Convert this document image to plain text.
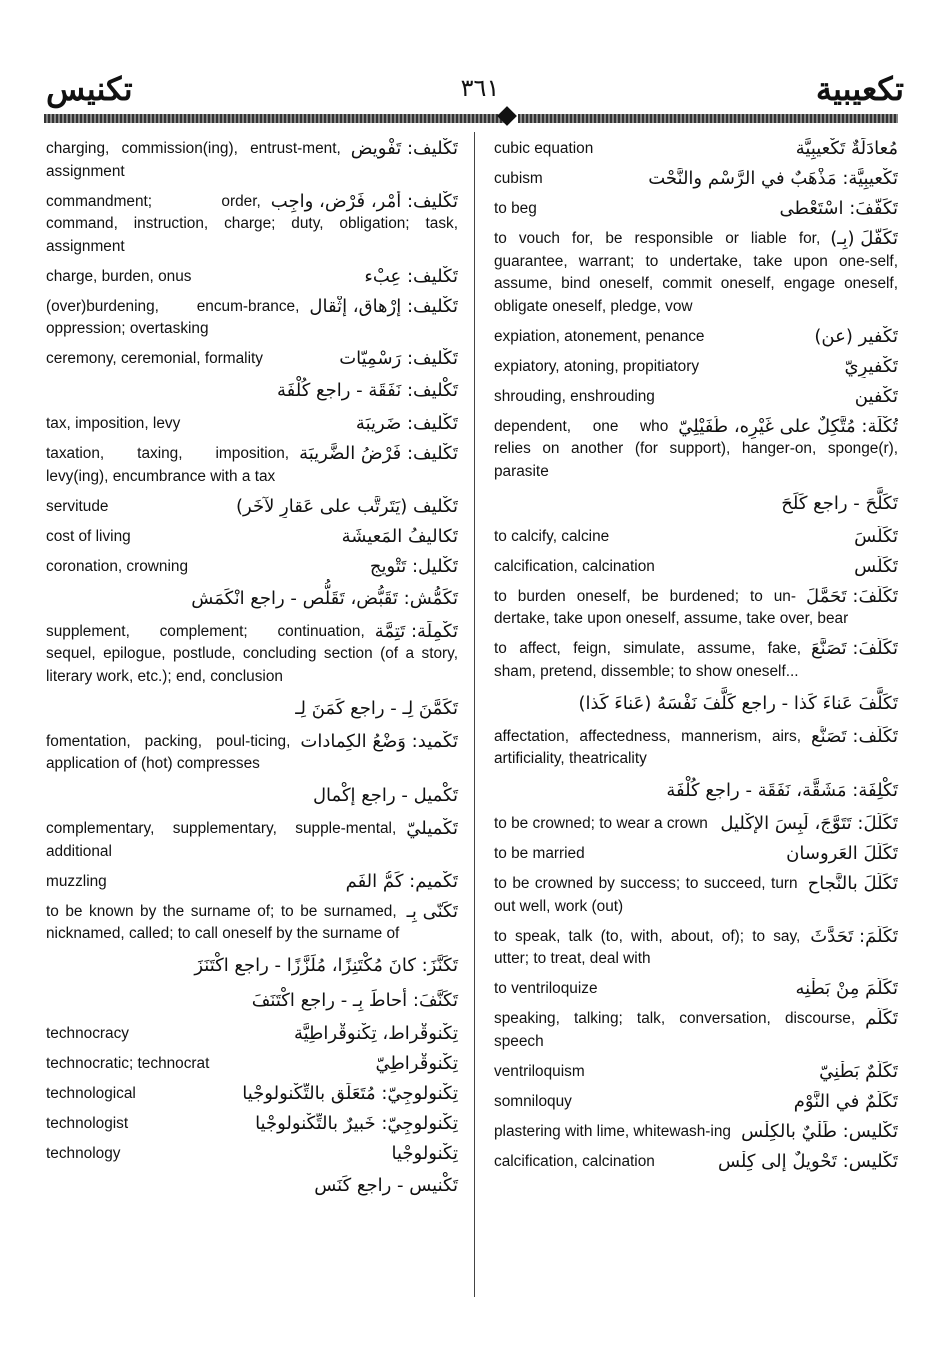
تكنيس	٣٦١	تكعيبية
تَكْليف: تَفْويض
charging, commission(ing), entrust-ment, assignment
تَكْليف: أَمْر، فَرْض، واجِب
commandment; order, command, instruction, charge; duty, obligation; task, assignment
تَكْليف: عِبْء
charge, burden, onus
تَكْليف: إرْهاق، إثْقال
(over)burdening, encum-brance, oppression; overtasking
تَكْليف: رَسْمِيّات
ceremony, ceremonial, formality
تَكْليف: نَفَقَة - راجع كُلْفَة
تَكْليف: ضَريبَة
tax, imposition, levy
تَكْليف: فَرْضُ الضَّريبَة
taxation, taxing, imposition, levy(ing), encumbrance with a tax
تَكْليف (يَتَرتَّب على عَقارٍ لآخَر)
servitude
تَكاليفُ المَعيشَة
cost of living
تَكْليل: تَتْويج
coronation, crowning
تَكَمُّش: تَقَبُّض، تَقَلُّص - راجع انْكَمَش
تَكْمِلَة: تَتِمَّة
supplement, complement; continuation, sequel, epilogue, postlude, concluding section (of a story, literary work, etc.); end, conclusion
تَكَمَّنَ لِـ - راجع كَمَنَ لِـ
تَكْميد: وَضْعُ الكِمادات
fomentation, packing, poul-ticing, application of (hot) compresses
تَكْميل - راجع إكْمال
تَكْميليّ
complementary, supplementary, supple-mental, additional
تَكْميم: كَمُّ الفَم
muzzling
تَكَنّى بِـ
to be known by the surname of; to be surnamed, nicknamed, called; to call oneself by the surname of
تَكَنَّزَ: كانَ مُكْتَنِزًا، مُلَزَّزًا - راجع اكْتَنَزَ
تَكَنَّفَ: أحاطَ بِـ - راجع اكْتَنَفَ
تِكْنوقْراط، تِكْنوقْراطِيَّة
technocracy
تِكْنوقْراطِيّ
technocratic; technocrat
تِكْنولوجِيّ: مُتَعَلِّق بالتِّكْنولوجْيا
technological
تِكْنولوجِيّ: خَبيرٌ بالتِّكْنولوجْيا
technologist
تِكْنولوجْيا
technology
تَكْنيس - راجع كَنَس
مُعادَلَةٌ تَكْعيبِيَّة
cubic equation
تَكْعيبِيَّة: مَذْهَبٌ في الرَّسْم والنَّحْت
cubism
تَكَفَّفَ: اسْتَعْطى
to beg
تَكَفَّلَ (بِـ)
to vouch for, be responsible or liable for, guarantee, warrant; to undertake, take upon one-self, assume, bind oneself, commit oneself, engage oneself, obligate oneself, pledge, vow
تَكْفير (عن)
expiation, atonement, penance
تَكْفيرِيّ
expiatory, atoning, propitiatory
تَكْفين
shrouding, enshrouding
تُكْلَة: مُتَّكِلٌ على غَيْرِه، طُفَيْلِيّ
dependent, one who relies on another (for support), hanger-on, sponge(r), parasite
تَكَلَّحَ - راجع كَلَحَ
تَكَلَّسَ
to calcify, calcine
تَكَلُّس
calcification, calcination
تَكَلَّفَ: تَحَمَّلَ
to burden oneself, be burdened; to un-dertake, take upon oneself, assume, take over, bear
تَكَلَّفَ: تَصَنَّعَ
to affect, feign, simulate, assume, fake, sham, pretend, dissemble; to show oneself...
تَكَلَّفَ عَناءَ كَذا - راجع كَلَّفَ نَفْسَهُ (عَناءَ كَذا)
تَكَلُّف: تَصَنُّع
affectation, affectedness, mannerism, airs, artificiality, theatricality
تَكْلِفَة: مَشَقَّة، نَفَقَة - راجع كُلْفَة
تَكَلَّلَ: تَتَوَّجَ، لَبِسَ الإكْليل
to be crowned; to wear a crown
تَكَلَّلَ العَروسان
to be married
تَكَلَّلَ بالنَّجاح
to be crowned by success; to succeed, turn out well, work (out)
تَكَلَّمَ: تَحَدَّثَ
to speak, talk (to, with, about, of); to say, utter; to treat, deal with
تَكَلَّمَ مِنْ بَطْنِه
to ventriloquize
تَكَلُّم
speaking, talking; talk, conversation, discourse, speech
تَكَلُّمٌ بَطْنِيّ
ventriloquism
تَكَلُّمٌ في النَّوْم
somniloquy
تَكْليس: طَلْيٌ بالكِلْس
plastering with lime, whitewash-ing
تَكْليس: تَحْويلٌ إلى كِلْس
calcification, calcination
